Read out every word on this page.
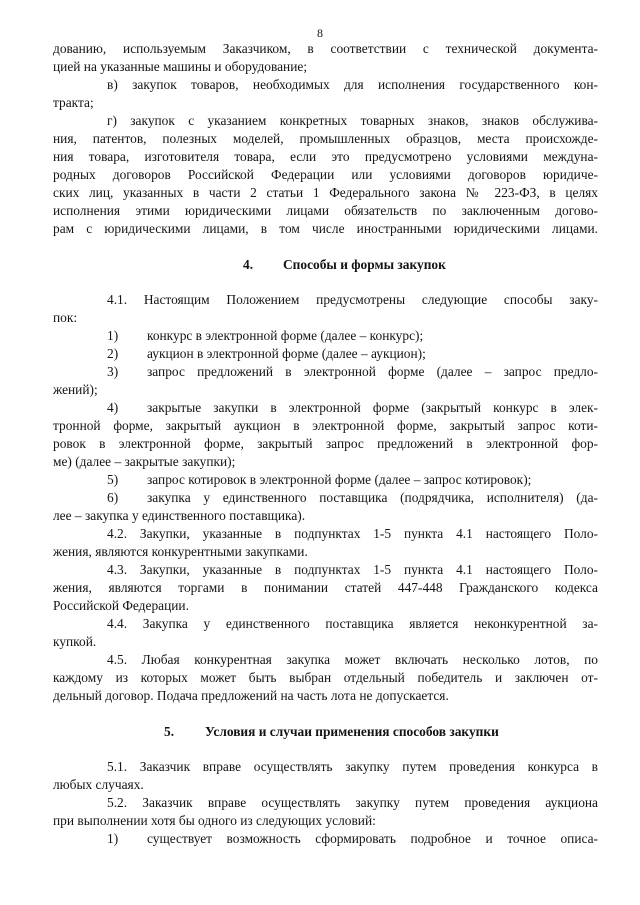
8
дованию, используемым Заказчиком, в соответствии с технической документа-
цией на указанные машины и оборудование;
в) закупок товаров, необходимых для исполнения государственного кон-
тракта;
г) закупок с указанием конкретных товарных знаков, знаков обслужива-
ния, патентов, полезных моделей, промышленных образцов, места происхожде-
ния товара, изготовителя товара, если это предусмотрено условиями междуна-
родных договоров Российской Федерации или условиями договоров юридиче-
ских лиц, указанных в части 2 статьи 1 Федерального закона № 223-ФЗ, в целях
исполнения этими юридическими лицами обязательств по заключенным догово-
рам с юридическими лицами, в том числе иностранными юридическими лицами.
4. Способы и формы закупок
4.1. Настоящим Положением предусмотрены следующие способы заку-
пок:
1) конкурс в электронной форме (далее – конкурс);
2) аукцион в электронной форме (далее – аукцион);
3) запрос предложений в электронной форме (далее – запрос предло-
жений);
4) закрытые закупки в электронной форме (закрытый конкурс в элек-
тронной форме, закрытый аукцион в электронной форме, закрытый запрос коти-
ровок в электронной форме, закрытый запрос предложений в электронной фор-
ме) (далее – закрытые закупки);
5) запрос котировок в электронной форме (далее – запрос котировок);
6) закупка у единственного поставщика (подрядчика, исполнителя) (да-
лее – закупка у единственного поставщика).
4.2. Закупки, указанные в подпунктах 1-5 пункта 4.1 настоящего Поло-
жения, являются конкурентными закупками.
4.3. Закупки, указанные в подпунктах 1-5 пункта 4.1 настоящего Поло-
жения, являются торгами в понимании статей 447-448 Гражданского кодекса
Российской Федерации.
4.4. Закупка у единственного поставщика является неконкурентной за-
купкой.
4.5. Любая конкурентная закупка может включать несколько лотов, по
каждому из которых может быть выбран отдельный победитель и заключен от-
дельный договор. Подача предложений на часть лота не допускается.
5. Условия и случаи применения способов закупки
5.1. Заказчик вправе осуществлять закупку путем проведения конкурса в
любых случаях.
5.2. Заказчик вправе осуществлять закупку путем проведения аукциона
при выполнении хотя бы одного из следующих условий:
1) существует возможность сформировать подробное и точное описа-
